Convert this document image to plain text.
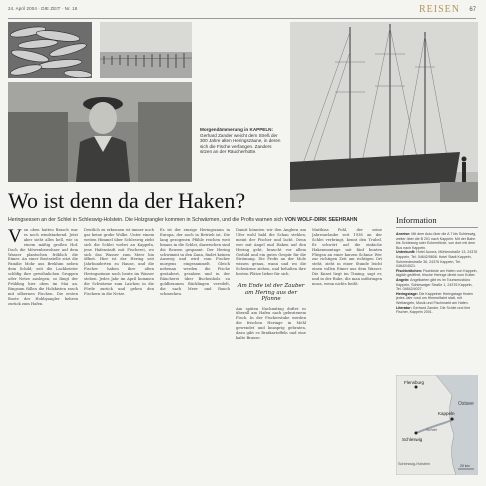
24. April 2004 · DIE ZEIT · Nr. 18	REISEN 67
Morgendämmerung in KAPPELN: Gerhard Zander weicht dem Streß der 300 Jahre alten Heringszäune, in deren sich die Fische verfangen. Zanders sitzen an der Räucherhütte.
Wo ist denn da der Haken?
Heringsessen an der Schlei in Schleswig-Holstein. Die Holzgrangler kommen in Schwärmen, und die Profis warnen sich VON WOLF-DIRK SEEHRAHN
Von oben hatten Brasch war es noch windstarkend. Jetzt aber sieht alles hell, wie in einem mäßig großen Hof. Doch die Möwenbewohner auf dem Wasser plantschen fröhlich die Eimer. An einer Bootsstelle sitzt die Familie Mohr aus Breklum neben dem Schild; seit die Lachbrieter schlifig ihre gewöhnlichen Gruppen oder Netze auslegen, so fängt der Frühling hier oben im Mai an. Ringsum füllen die Holzkisten rasch mit silbernen Fischen. Die ersten Boote der Hobbyangler kehren zurück zum Hafen.
Deutlich zu erkennen ist immer noch gar keine grobe Wolke. Unter einem weiten Himmel über Schleswig zieht sich die Schlei vorbei an Kappeln, jene Hafenstadt mit Fischerei, wo sich das Wasser zum Meer hin öffnet. Hier ist der Hering seit Jahrhunderten zu Hause, und die Fischer haben ihre alten Heringszäune noch heute im Wasser stehen. Jedes Jahr im April kommen die Schwärme zum Laichen in die Förde zurück und gehen den Fischern in die Netze.
Es ist der einzige Heringszaun in Europa, der noch in Betrieb ist. Die lang gezogenen Pfähle reichen weit hinaus in die Schlei, dazwischen sind die Reusen gespannt. Der Hering schwimmt in den Zaun, findet keinen Ausweg und wird vom Fischer morgens eingesammelt. Gleich nebenan werden die Fische gesäubert, gesalzen und in der Räucherei über Buchenholz zu goldbraunen Bücklingen veredelt, die nach Meer und Rauch schmecken.
Damit könnten wir den Anglern am Ufer wohl bald die Schau stehlen, meint der Fischer und lacht. Denn wer mit Angel und Haken auf den Hering geht, braucht vor allem Geduld und ein gutes Gespür für die Strömung. Die Profis an der Mole wissen genau, wann und wo die Schwärme ziehen, und behalten ihre besten Plätze lieber für sich.
Am Ende ist der Zauber am Hering aus der Pfanne
Am späten Nachmittag duftet es überall am Hafen nach gebratenem Fisch. In der Fischerstube werden die frischen Heringe in Mehl gewendet und knusprig gebraten, dazu gibt es Bratkartoffeln und eine kalte Brause.
Matthias Pohl, der seine Jahresurlaube seit 1938 an der Schlei verbringt, kennt den Trubel. Er schwört auf die einfache Hakenmontage mit fünf bunten Fliegen an einer kurzen Schnur. Wer zur richtigen Zeit am richtigen Ort steht, zieht in einer Stunde leicht einen vollen Eimer aus dem Wasser. Die Kunst liegt im Timing, sagt er, und in der Ruhe, die man mitbringen muss, wenn nichts beißt.
Information
Anreise: Mit dem Auto über die A 7 bis Schleswig, weiter über die B 201 nach Kappeln. Mit der Bahn bis Schleswig oder Eckernförde, von dort mit dem Bus nach Kappeln.
Unterkunft: Hotel Aurora, Mühlenstraße 13, 24376 Kappeln, Tel. 04642/9808. Hotel Stadt Kappeln, Schmiedestraße 36, 24376 Kappeln, Tel. 04642/4021.
Fischbrötchen: Fischkiste am Hafen von Kappeln, täglich geöffnet, frische Heringe direkt vom Kutter.
Angeln: Angelkarten gibt es im Tourismusbüro Kappeln, Schleswiger Straße 1, 24376 Kappeln, Tel. 04642/4027.
Heringstage: Die Kappelner Heringstage finden jedes Jahr rund um Himmelfahrt statt, mit Wettangeln, Musik und Fischmarkt am Hafen.
Literatur: Gerhard Zander, Die Schlei und ihre Fischer, Kappeln 2001.
Ostsee
Kappeln
Schleswig
Flensburg
Schlei
Schleswig-Holstein	20 km
